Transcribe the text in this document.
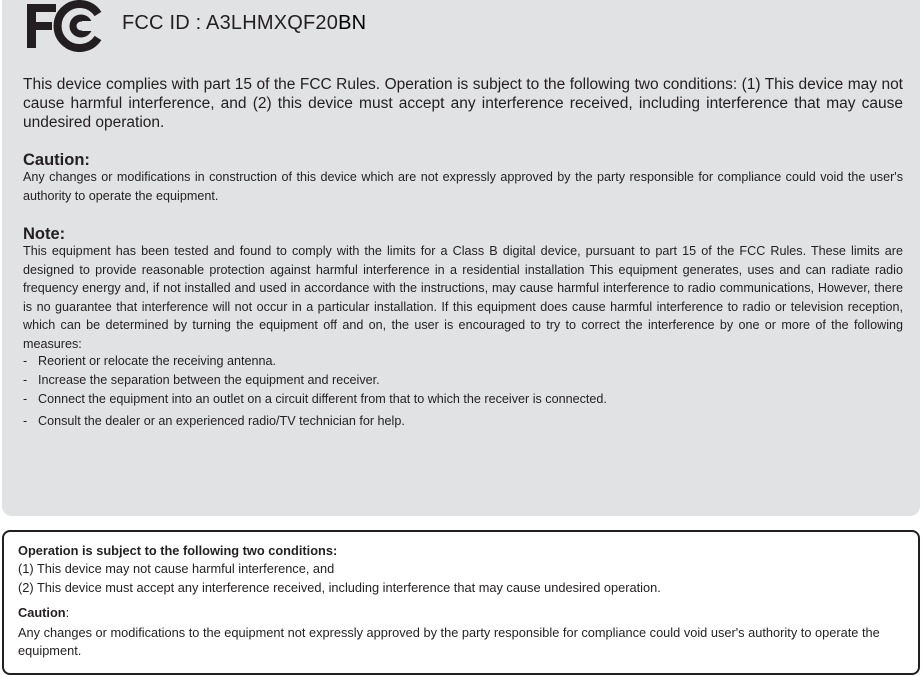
FCC ID : A3LHMXQF20BN

This device complies with part 15 of the FCC Rules. Operation is subject to the following two conditions: (1) This device may not cause harmful interference, and (2) this device must accept any interference received, including interference that may cause undesired operation.

Caution:

Any changes or modifications in construction of this device which are not expressly approved by the party responsible for compliance could void the user's authority to operate the equipment.

Note:

This equipment has been tested and found to comply with the limits for a Class B digital device, pursuant to part 15 of the FCC Rules. These limits are designed to provide reasonable protection against harmful interference in a residential installation This equipment generates, uses and can radiate radio frequency energy and, if not installed and used in accordance with the instructions, may cause harmful interference to radio communications, However, there is no guarantee that interference will not occur in a particular installation. If this equipment does cause harmful interference to radio or television reception, which can be determined by turning the equipment off and on, the user is encouraged to try to correct the interference by one or more of the following measures:

- Reorient or relocate the receiving antenna.
- Increase the separation between the equipment and receiver.
- Connect the equipment into an outlet on a circuit different from that to which the receiver is connected.
- Consult the dealer or an experienced radio/TV technician for help.

Operation is subject to the following two conditions:

(1) This device may not cause harmful interference, and

(2) This device must accept any interference received, including interference that may cause undesired operation.

Caution:

Any changes or modifications to the equipment not expressly approved by the party responsible for compliance could void user's authority to operate the equipment.
